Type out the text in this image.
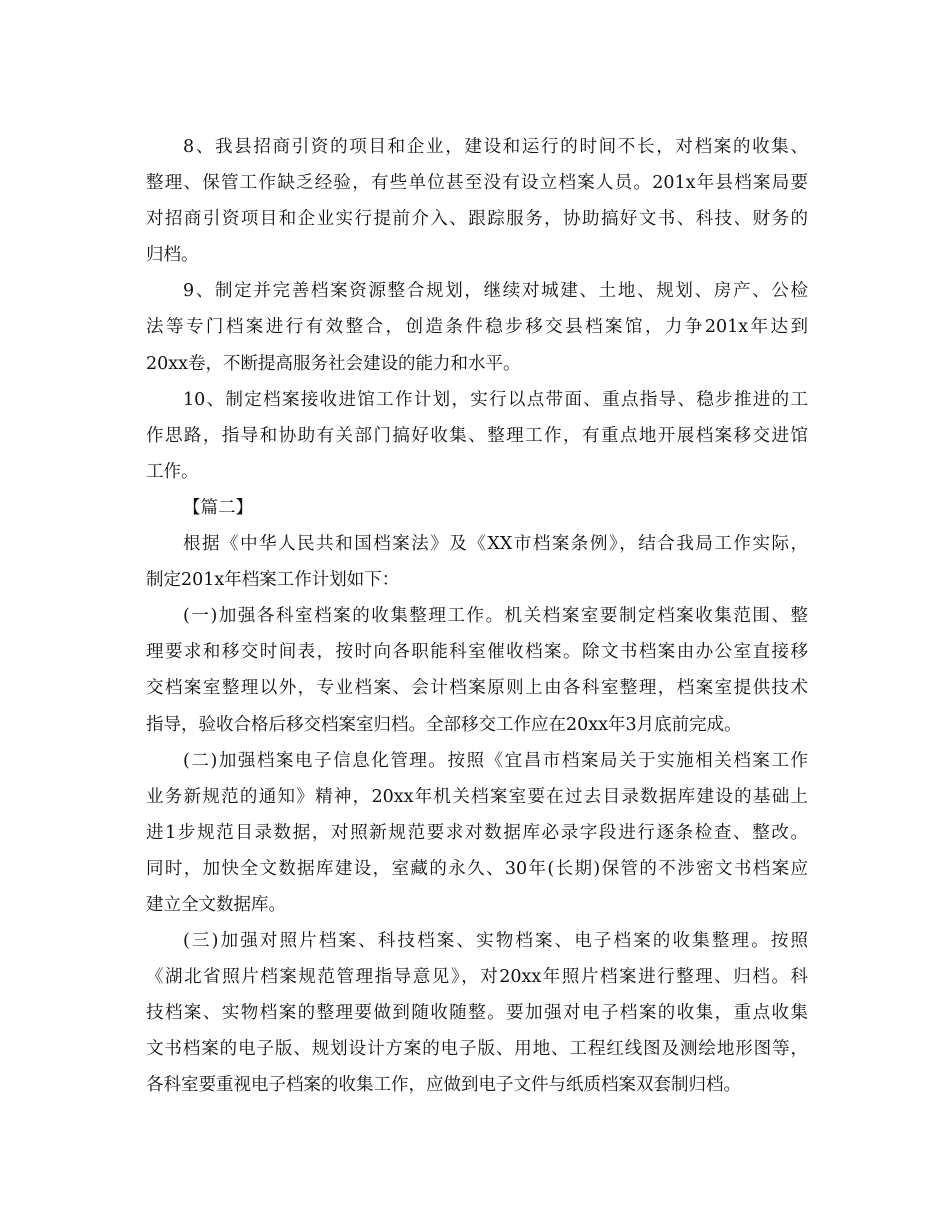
8、我县招商引资的项目和企业，建设和运行的时间不长，对档案的收集、
整理、保管工作缺乏经验，有些单位甚至没有设立档案人员。201x年县档案局要
对招商引资项目和企业实行提前介入、跟踪服务，协助搞好文书、科技、财务的
归档。
9、制定并完善档案资源整合规划，继续对城建、土地、规划、房产、公检
法等专门档案进行有效整合，创造条件稳步移交县档案馆，力争201x年达到
20xx卷，不断提高服务社会建设的能力和水平。
10、制定档案接收进馆工作计划，实行以点带面、重点指导、稳步推进的工
作思路，指导和协助有关部门搞好收集、整理工作，有重点地开展档案移交进馆
工作。
【篇二】
根据《中华人民共和国档案法》及《XX市档案条例》，结合我局工作实际，
制定201x年档案工作计划如下：
(一)加强各科室档案的收集整理工作。机关档案室要制定档案收集范围、整
理要求和移交时间表，按时向各职能科室催收档案。除文书档案由办公室直接移
交档案室整理以外，专业档案、会计档案原则上由各科室整理，档案室提供技术
指导，验收合格后移交档案室归档。全部移交工作应在20xx年3月底前完成。
(二)加强档案电子信息化管理。按照《宜昌市档案局关于实施相关档案工作
业务新规范的通知》精神，20xx年机关档案室要在过去目录数据库建设的基础上
进1步规范目录数据，对照新规范要求对数据库必录字段进行逐条检查、整改。
同时，加快全文数据库建设，室藏的永久、30年(长期)保管的不涉密文书档案应
建立全文数据库。
(三)加强对照片档案、科技档案、实物档案、电子档案的收集整理。按照
《湖北省照片档案规范管理指导意见》，对20xx年照片档案进行整理、归档。科
技档案、实物档案的整理要做到随收随整。要加强对电子档案的收集，重点收集
文书档案的电子版、规划设计方案的电子版、用地、工程红线图及测绘地形图等，
各科室要重视电子档案的收集工作，应做到电子文件与纸质档案双套制归档。
